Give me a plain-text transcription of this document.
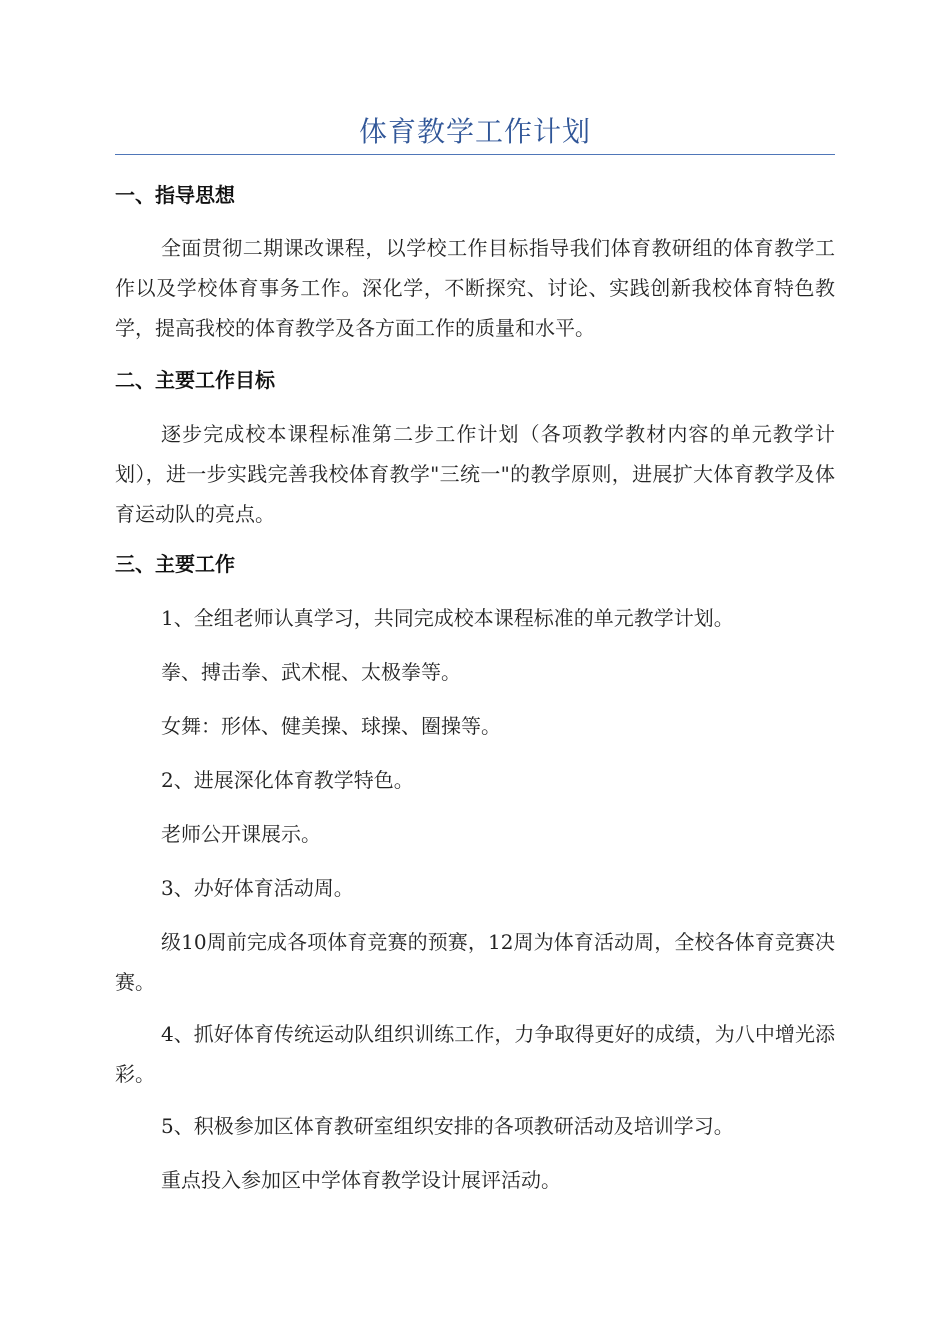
体育教学工作计划
一、指导思想
全面贯彻二期课改课程，以学校工作目标指导我们体育教研组的体育教学工作以及学校体育事务工作。深化学，不断探究、讨论、实践创新我校体育特色教学，提高我校的体育教学及各方面工作的质量和水平。
二、主要工作目标
逐步完成校本课程标准第二步工作计划（各项教学教材内容的单元教学计划），进一步实践完善我校体育教学"三统一"的教学原则，进展扩大体育教学及体育运动队的亮点。
三、主要工作
1、全组老师认真学习，共同完成校本课程标准的单元教学计划。
拳、搏击拳、武术棍、太极拳等。
女舞：形体、健美操、球操、圈操等。
2、进展深化体育教学特色。
老师公开课展示。
3、办好体育活动周。
级10周前完成各项体育竞赛的预赛，12周为体育活动周，全校各体育竞赛决赛。
4、抓好体育传统运动队组织训练工作，力争取得更好的成绩，为八中增光添彩。
5、积极参加区体育教研室组织安排的各项教研活动及培训学习。
重点投入参加区中学体育教学设计展评活动。
